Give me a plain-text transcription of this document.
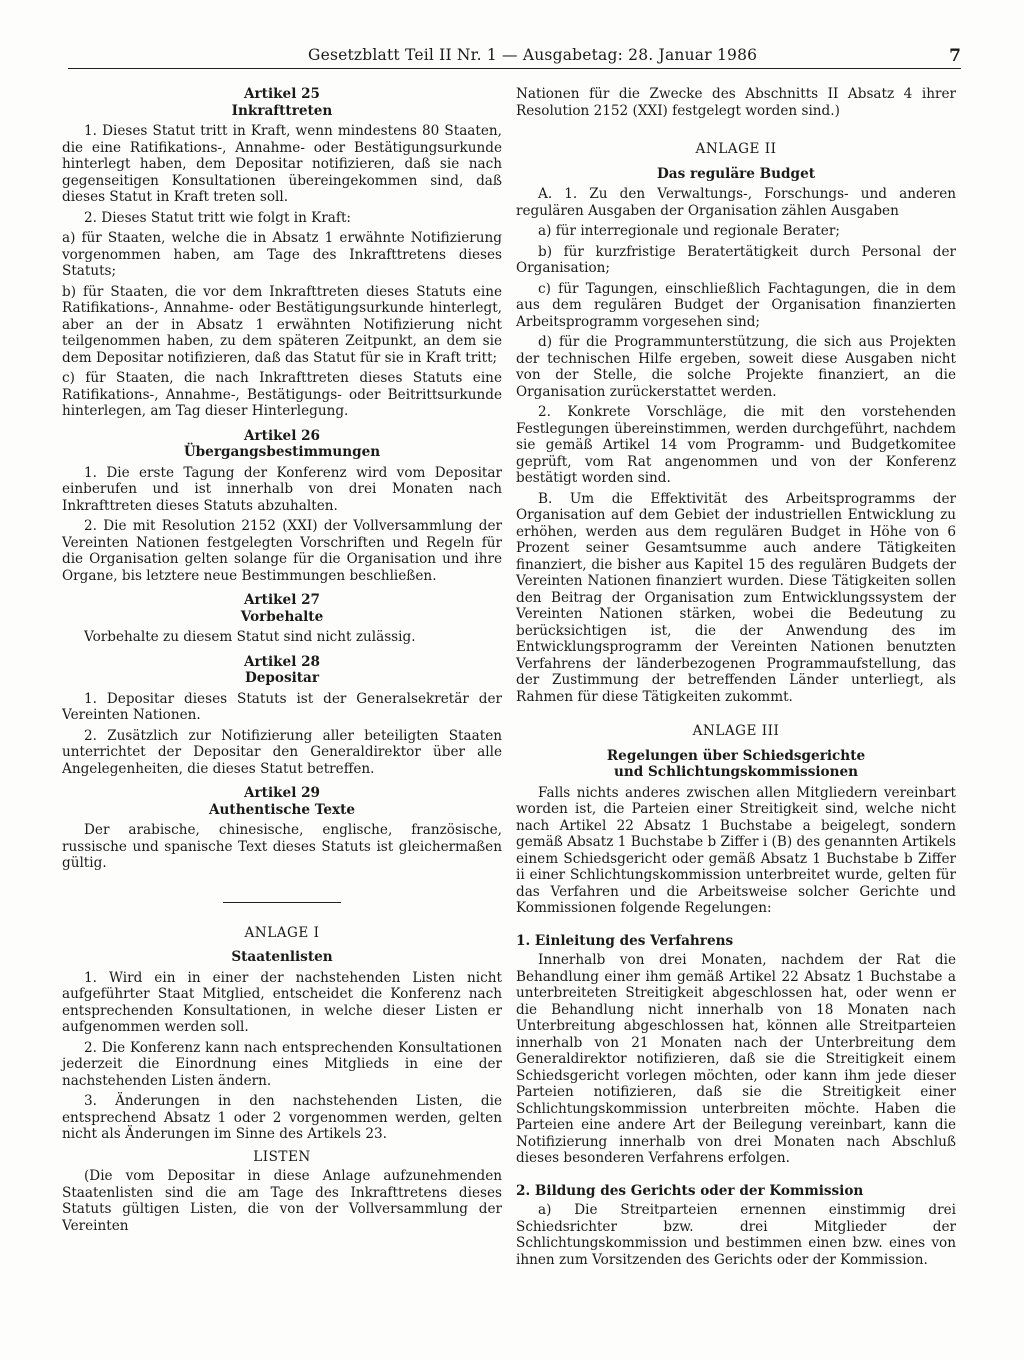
Gesetzblatt Teil II Nr. 1 — Ausgabetag: 28. Januar 1986	7
Artikel 25
Inkrafttreten

1. Dieses Statut tritt in Kraft, wenn mindestens 80 Staaten, die eine Ratifikations-, Annahme- oder Bestätigungsurkunde hinterlegt haben, dem Depositar notifizieren, daß sie nach gegenseitigen Konsultationen übereingekommen sind, daß dieses Statut in Kraft treten soll.

2. Dieses Statut tritt wie folgt in Kraft:

a) für Staaten, welche die in Absatz 1 erwähnte Notifizierung vorgenommen haben, am Tage des Inkrafttretens dieses Statuts;

b) für Staaten, die vor dem Inkrafttreten dieses Statuts eine Ratifikations-, Annahme- oder Bestätigungsurkunde hinterlegt, aber an der in Absatz 1 erwähnten Notifizierung nicht teilgenommen haben, zu dem späteren Zeitpunkt, an dem sie dem Depositar notifizieren, daß das Statut für sie in Kraft tritt;

c) für Staaten, die nach Inkrafttreten dieses Statuts eine Ratifikations-, Annahme-, Bestätigungs- oder Beitrittsurkunde hinterlegen, am Tag dieser Hinterlegung.

Artikel 26
Übergangsbestimmungen

1. Die erste Tagung der Konferenz wird vom Depositar einberufen und ist innerhalb von drei Monaten nach Inkrafttreten dieses Statuts abzuhalten.

2. Die mit Resolution 2152 (XXI) der Vollversammlung der Vereinten Nationen festgelegten Vorschriften und Regeln für die Organisation gelten solange für die Organisation und ihre Organe, bis letztere neue Bestimmungen beschließen.

Artikel 27
Vorbehalte

Vorbehalte zu diesem Statut sind nicht zulässig.

Artikel 28
Depositar

1. Depositar dieses Statuts ist der Generalsekretär der Vereinten Nationen.

2. Zusätzlich zur Notifizierung aller beteiligten Staaten unterrichtet der Depositar den Generaldirektor über alle Angelegenheiten, die dieses Statut betreffen.

Artikel 29
Authentische Texte

Der arabische, chinesische, englische, französische, russische und spanische Text dieses Statuts ist gleichermaßen gültig.

ANLAGE I
Staatenlisten

1. Wird ein in einer der nachstehenden Listen nicht aufgeführter Staat Mitglied, entscheidet die Konferenz nach entsprechenden Konsultationen, in welche dieser Listen er aufgenommen werden soll.

2. Die Konferenz kann nach entsprechenden Konsultationen jederzeit die Einordnung eines Mitglieds in eine der nachstehenden Listen ändern.

3. Änderungen in den nachstehenden Listen, die entsprechend Absatz 1 oder 2 vorgenommen werden, gelten nicht als Änderungen im Sinne des Artikels 23.

LISTEN

(Die vom Depositar in diese Anlage aufzunehmenden Staatenlisten sind die am Tage des Inkrafttretens dieses Statuts gültigen Listen, die von der Vollversammlung der Vereinten

Nationen für die Zwecke des Abschnitts II Absatz 4 ihrer Resolution 2152 (XXI) festgelegt worden sind.)

ANLAGE II
Das reguläre Budget

A. 1. Zu den Verwaltungs-, Forschungs- und anderen regulären Ausgaben der Organisation zählen Ausgaben

a) für interregionale und regionale Berater;

b) für kurzfristige Beratertätigkeit durch Personal der Organisation;

c) für Tagungen, einschließlich Fachtagungen, die in dem aus dem regulären Budget der Organisation finanzierten Arbeitsprogramm vorgesehen sind;

d) für die Programmunterstützung, die sich aus Projekten der technischen Hilfe ergeben, soweit diese Ausgaben nicht von der Stelle, die solche Projekte finanziert, an die Organisation zurückerstattet werden.

2. Konkrete Vorschläge, die mit den vorstehenden Festlegungen übereinstimmen, werden durchgeführt, nachdem sie gemäß Artikel 14 vom Programm- und Budgetkomitee geprüft, vom Rat angenommen und von der Konferenz bestätigt worden sind.

B. Um die Effektivität des Arbeitsprogramms der Organisation auf dem Gebiet der industriellen Entwicklung zu erhöhen, werden aus dem regulären Budget in Höhe von 6 Prozent seiner Gesamtsumme auch andere Tätigkeiten finanziert, die bisher aus Kapitel 15 des regulären Budgets der Vereinten Nationen finanziert wurden. Diese Tätigkeiten sollen den Beitrag der Organisation zum Entwicklungssystem der Vereinten Nationen stärken, wobei die Bedeutung zu berücksichtigen ist, die der Anwendung des im Entwicklungsprogramm der Vereinten Nationen benutzten Verfahrens der länderbezogenen Programmaufstellung, das der Zustimmung der betreffenden Länder unterliegt, als Rahmen für diese Tätigkeiten zukommt.

ANLAGE III
Regelungen über Schiedsgerichte
und Schlichtungskommissionen

Falls nichts anderes zwischen allen Mitgliedern vereinbart worden ist, die Parteien einer Streitigkeit sind, welche nicht nach Artikel 22 Absatz 1 Buchstabe a beigelegt, sondern gemäß Absatz 1 Buchstabe b Ziffer i (B) des genannten Artikels einem Schiedsgericht oder gemäß Absatz 1 Buchstabe b Ziffer ii einer Schlichtungskommission unterbreitet wurde, gelten für das Verfahren und die Arbeitsweise solcher Gerichte und Kommissionen folgende Regelungen:

1. Einleitung des Verfahrens

Innerhalb von drei Monaten, nachdem der Rat die Behandlung einer ihm gemäß Artikel 22 Absatz 1 Buchstabe a unterbreiteten Streitigkeit abgeschlossen hat, oder wenn er die Behandlung nicht innerhalb von 18 Monaten nach Unterbreitung abgeschlossen hat, können alle Streitparteien innerhalb von 21 Monaten nach der Unterbreitung dem Generaldirektor notifizieren, daß sie die Streitigkeit einem Schiedsgericht vorlegen möchten, oder kann ihm jede dieser Parteien notifizieren, daß sie die Streitigkeit einer Schlichtungskommission unterbreiten möchte. Haben die Parteien eine andere Art der Beilegung vereinbart, kann die Notifizierung innerhalb von drei Monaten nach Abschluß dieses besonderen Verfahrens erfolgen.

2. Bildung des Gerichts oder der Kommission

a) Die Streitparteien ernennen einstimmig drei Schiedsrichter bzw. drei Mitglieder der Schlichtungskommission und bestimmen einen bzw. eines von ihnen zum Vorsitzenden des Gerichts oder der Kommission.
